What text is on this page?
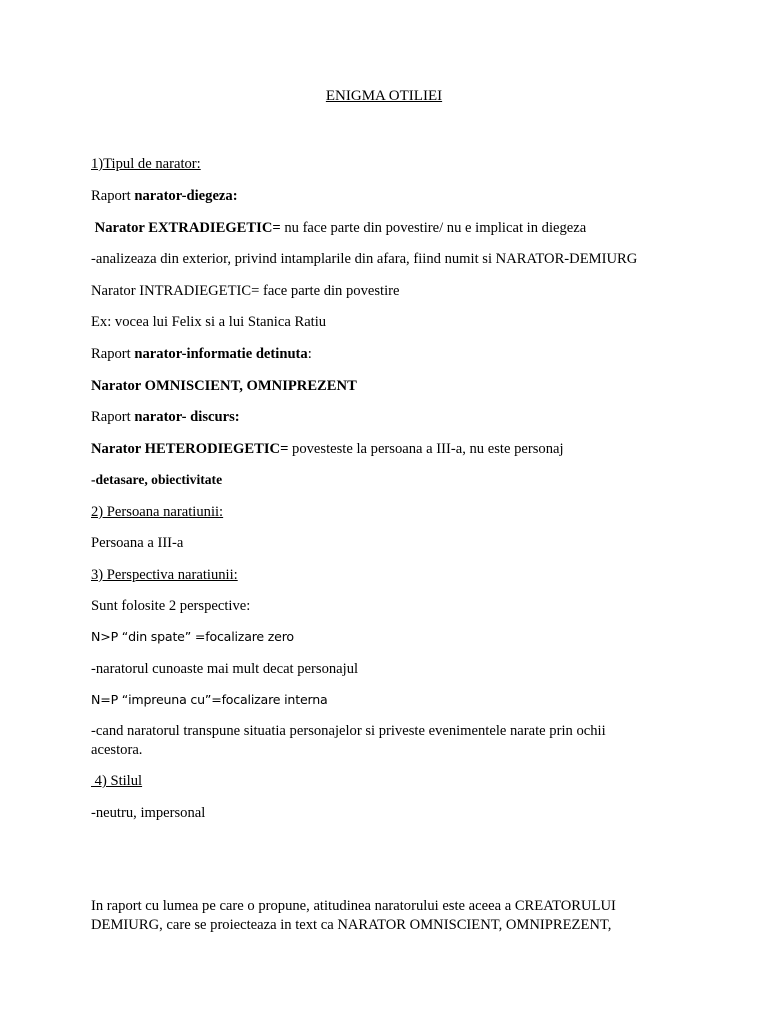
ENIGMA OTILIEI
1)Tipul de narator:
Raport narator-diegeza:
Narator EXTRADIEGETIC= nu face parte din povestire/ nu e implicat in diegeza
-analizeaza din exterior, privind intamplarile din afara, fiind numit si NARATOR-DEMIURG
Narator INTRADIEGETIC= face parte din povestire
Ex: vocea lui Felix si a lui Stanica Ratiu
Raport narator-informatie detinuta:
Narator OMNISCIENT, OMNIPREZENT
Raport narator- discurs:
Narator HETERODIEGETIC= povesteste la persoana a III-a, nu este personaj
-detasare, obiectivitate
2) Persoana naratiunii:
Persoana a III-a
3) Perspectiva naratiunii:
Sunt folosite 2 perspective:
N>P “din spate” =focalizare zero
-naratorul cunoaste mai mult decat personajul
N=P “impreuna cu”=focalizare interna
-cand naratorul transpune situatia personajelor si priveste evenimentele narate prin ochii acestora.
4) Stilul
-neutru, impersonal
In raport cu lumea pe care o propune, atitudinea naratorului este aceea a CREATORULUI DEMIURG, care se proiecteaza in text ca NARATOR OMNISCIENT, OMNIPREZENT,
